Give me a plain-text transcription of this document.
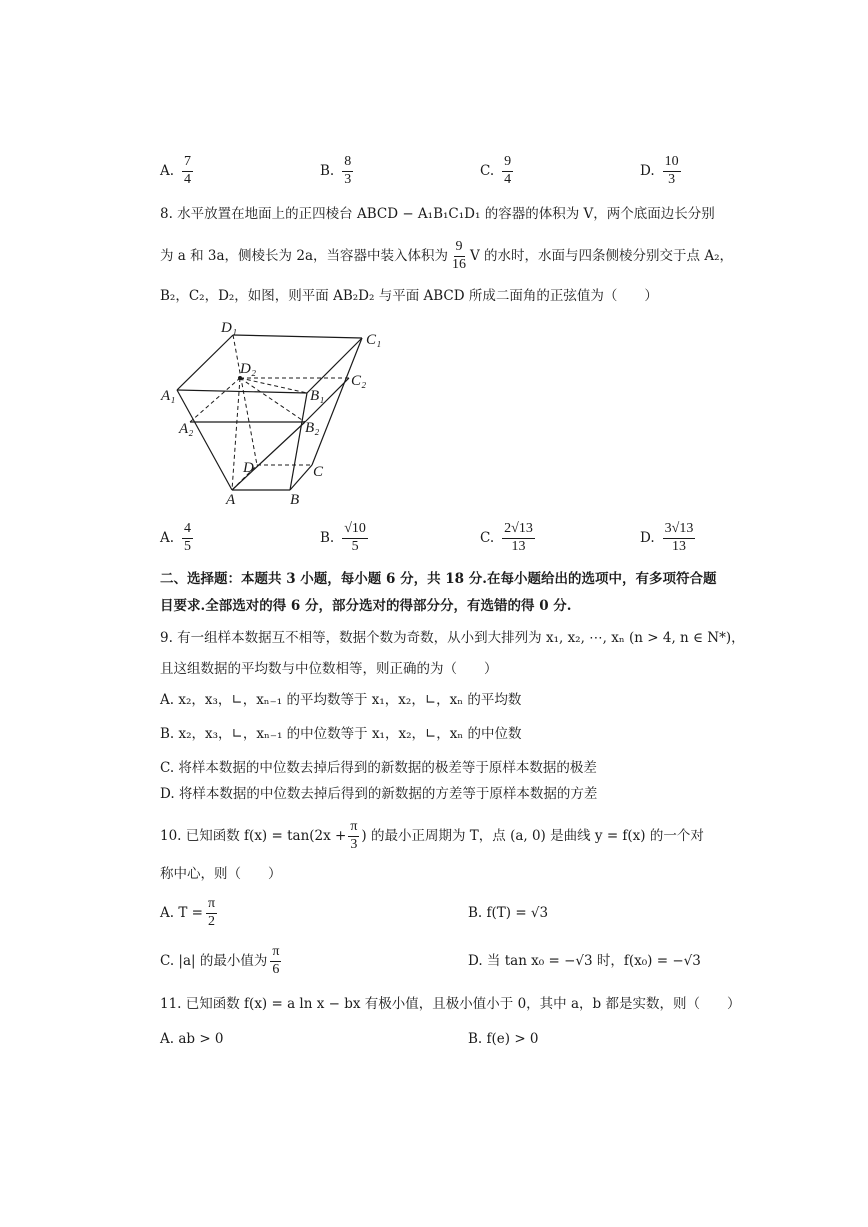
A. $\frac{7}{4}$	B. $\frac{8}{3}$	C. $\frac{9}{4}$	D. $\frac{10}{3}$
8. 水平放置在地面上的正四棱台 ABCD − A₁B₁C₁D₁ 的容器的体积为 V，两个底面边长分别
为 a 和 3a，侧棱长为 2a，当容器中装入体积为 $\frac{9}{16}$ V 的水时，水面与四条侧棱分别交于点 A₂，
B₂，C₂，D₂，如图，则平面 AB₂D₂ 与平面 ABCD 所成二面角的正弦值为（　　）
D₁
C₁
D₂
C₂
A₁	B₁
A₂	B₂
D	C
A	B
A. $\frac{4}{5}$	B. $\frac{√10}{5}$	C. $\frac{2√13}{13}$	D. $\frac{3√13}{13}$
二、选择题：本题共 3 小题，每小题 6 分，共 18 分.在每小题给出的选项中，有多项符合题
目要求.全部选对的得 6 分，部分选对的得部分分，有选错的得 0 分.
9. 有一组样本数据互不相等，数据个数为奇数，从小到大排列为 x₁, x₂, ⋯, xₙ (n > 4, n ∈ N*)，
且这组数据的平均数与中位数相等，则正确的为（　　）
A. x₂，x₃，∟，xₙ₋₁ 的平均数等于 x₁，x₂，∟，xₙ 的平均数
B. x₂，x₃，∟，xₙ₋₁ 的中位数等于 x₁，x₂，∟，xₙ 的中位数
C. 将样本数据的中位数去掉后得到的新数据的极差等于原样本数据的极差
D. 将样本数据的中位数去掉后得到的新数据的方差等于原样本数据的方差
10. 已知函数 $f(x) = \tan(2x + \frac{\pi}{3}$ ) 的最小正周期为 T，点 (a, 0) 是曲线 y = f(x) 的一个对
称中心，则（　　）
A. $T = \frac{\pi}{2}$	B. f(T) = √3
C. |a| 的最小值为 $\frac{\pi}{6}$	D. 当 tan x₀ = −√3 时，f(x₀) = −√3
11. 已知函数 f(x) = a ln x − bx 有极小值，且极小值小于 0，其中 a，b 都是实数，则（　　）
A. ab > 0	B. f(e) > 0
